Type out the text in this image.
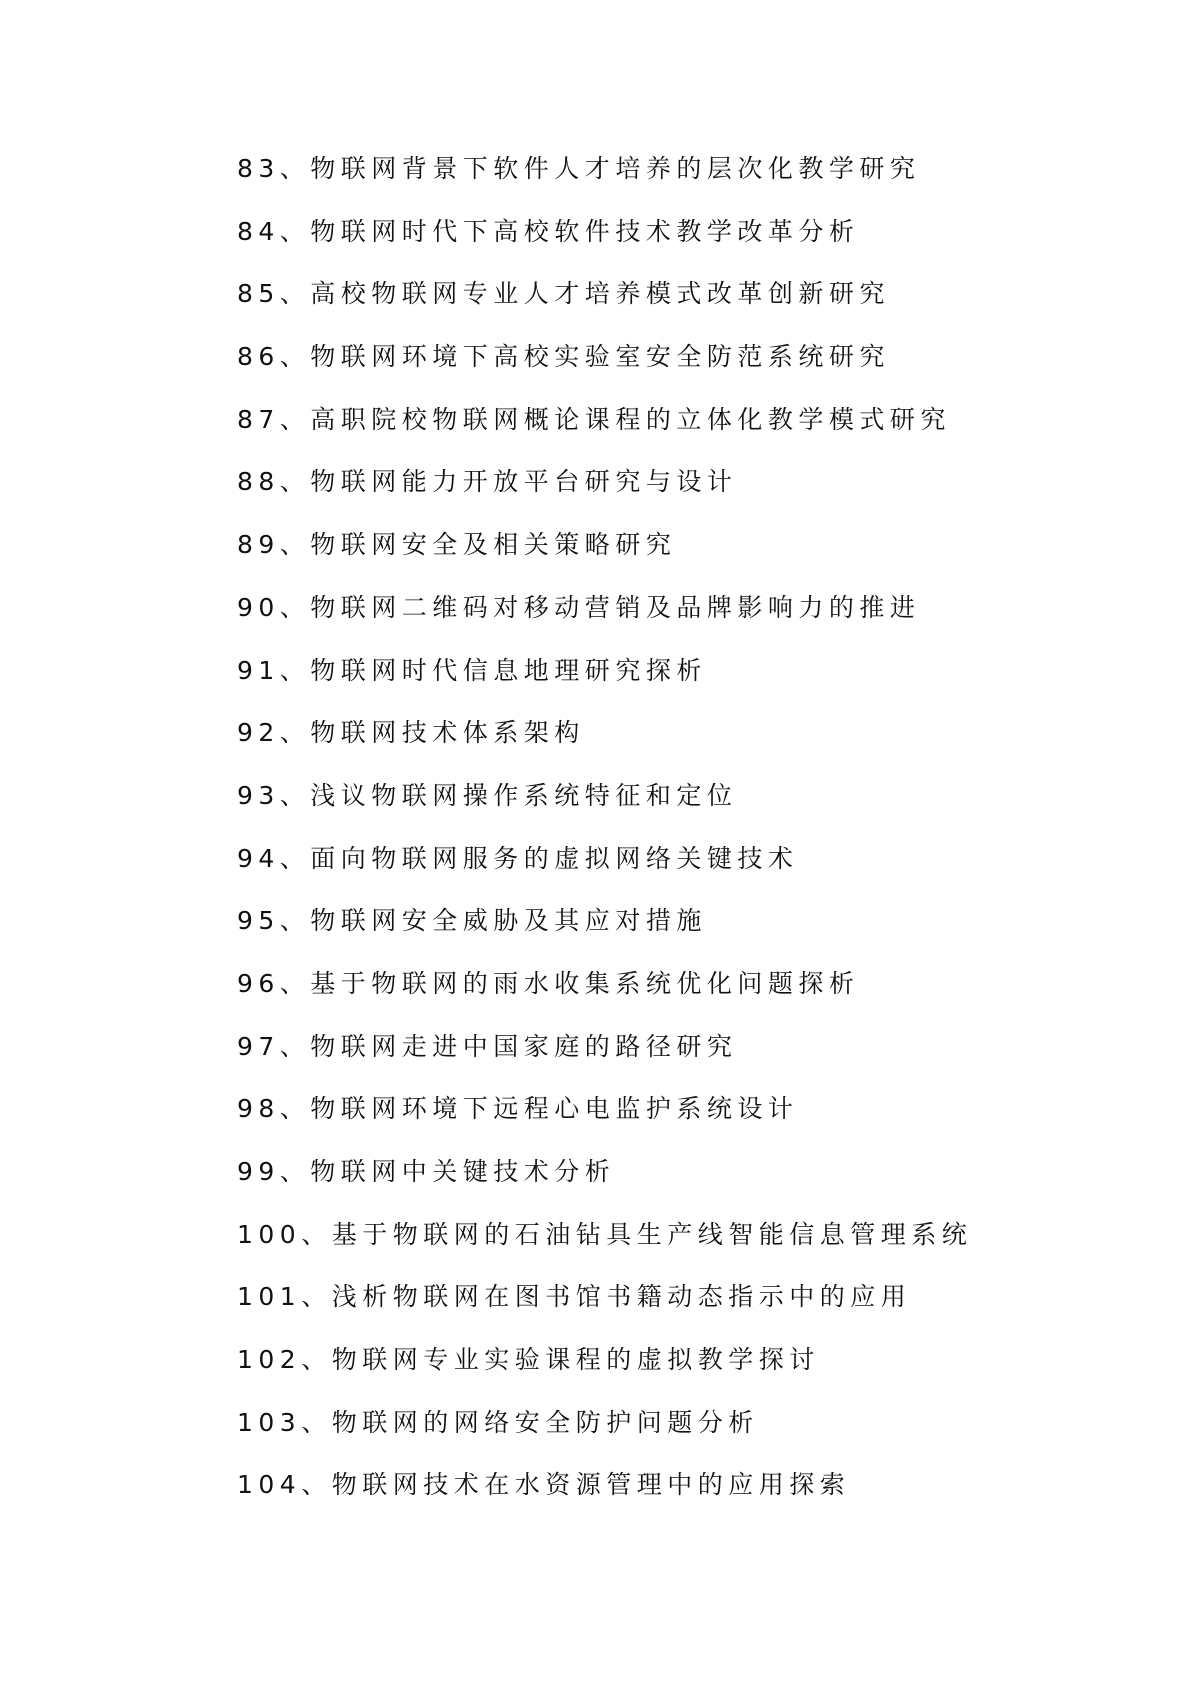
83、物联网背景下软件人才培养的层次化教学研究
84、物联网时代下高校软件技术教学改革分析
85、高校物联网专业人才培养模式改革创新研究
86、物联网环境下高校实验室安全防范系统研究
87、高职院校物联网概论课程的立体化教学模式研究
88、物联网能力开放平台研究与设计
89、物联网安全及相关策略研究
90、物联网二维码对移动营销及品牌影响力的推进
91、物联网时代信息地理研究探析
92、物联网技术体系架构
93、浅议物联网操作系统特征和定位
94、面向物联网服务的虚拟网络关键技术
95、物联网安全威胁及其应对措施
96、基于物联网的雨水收集系统优化问题探析
97、物联网走进中国家庭的路径研究
98、物联网环境下远程心电监护系统设计
99、物联网中关键技术分析
100、基于物联网的石油钻具生产线智能信息管理系统
101、浅析物联网在图书馆书籍动态指示中的应用
102、物联网专业实验课程的虚拟教学探讨
103、物联网的网络安全防护问题分析
104、物联网技术在水资源管理中的应用探索
